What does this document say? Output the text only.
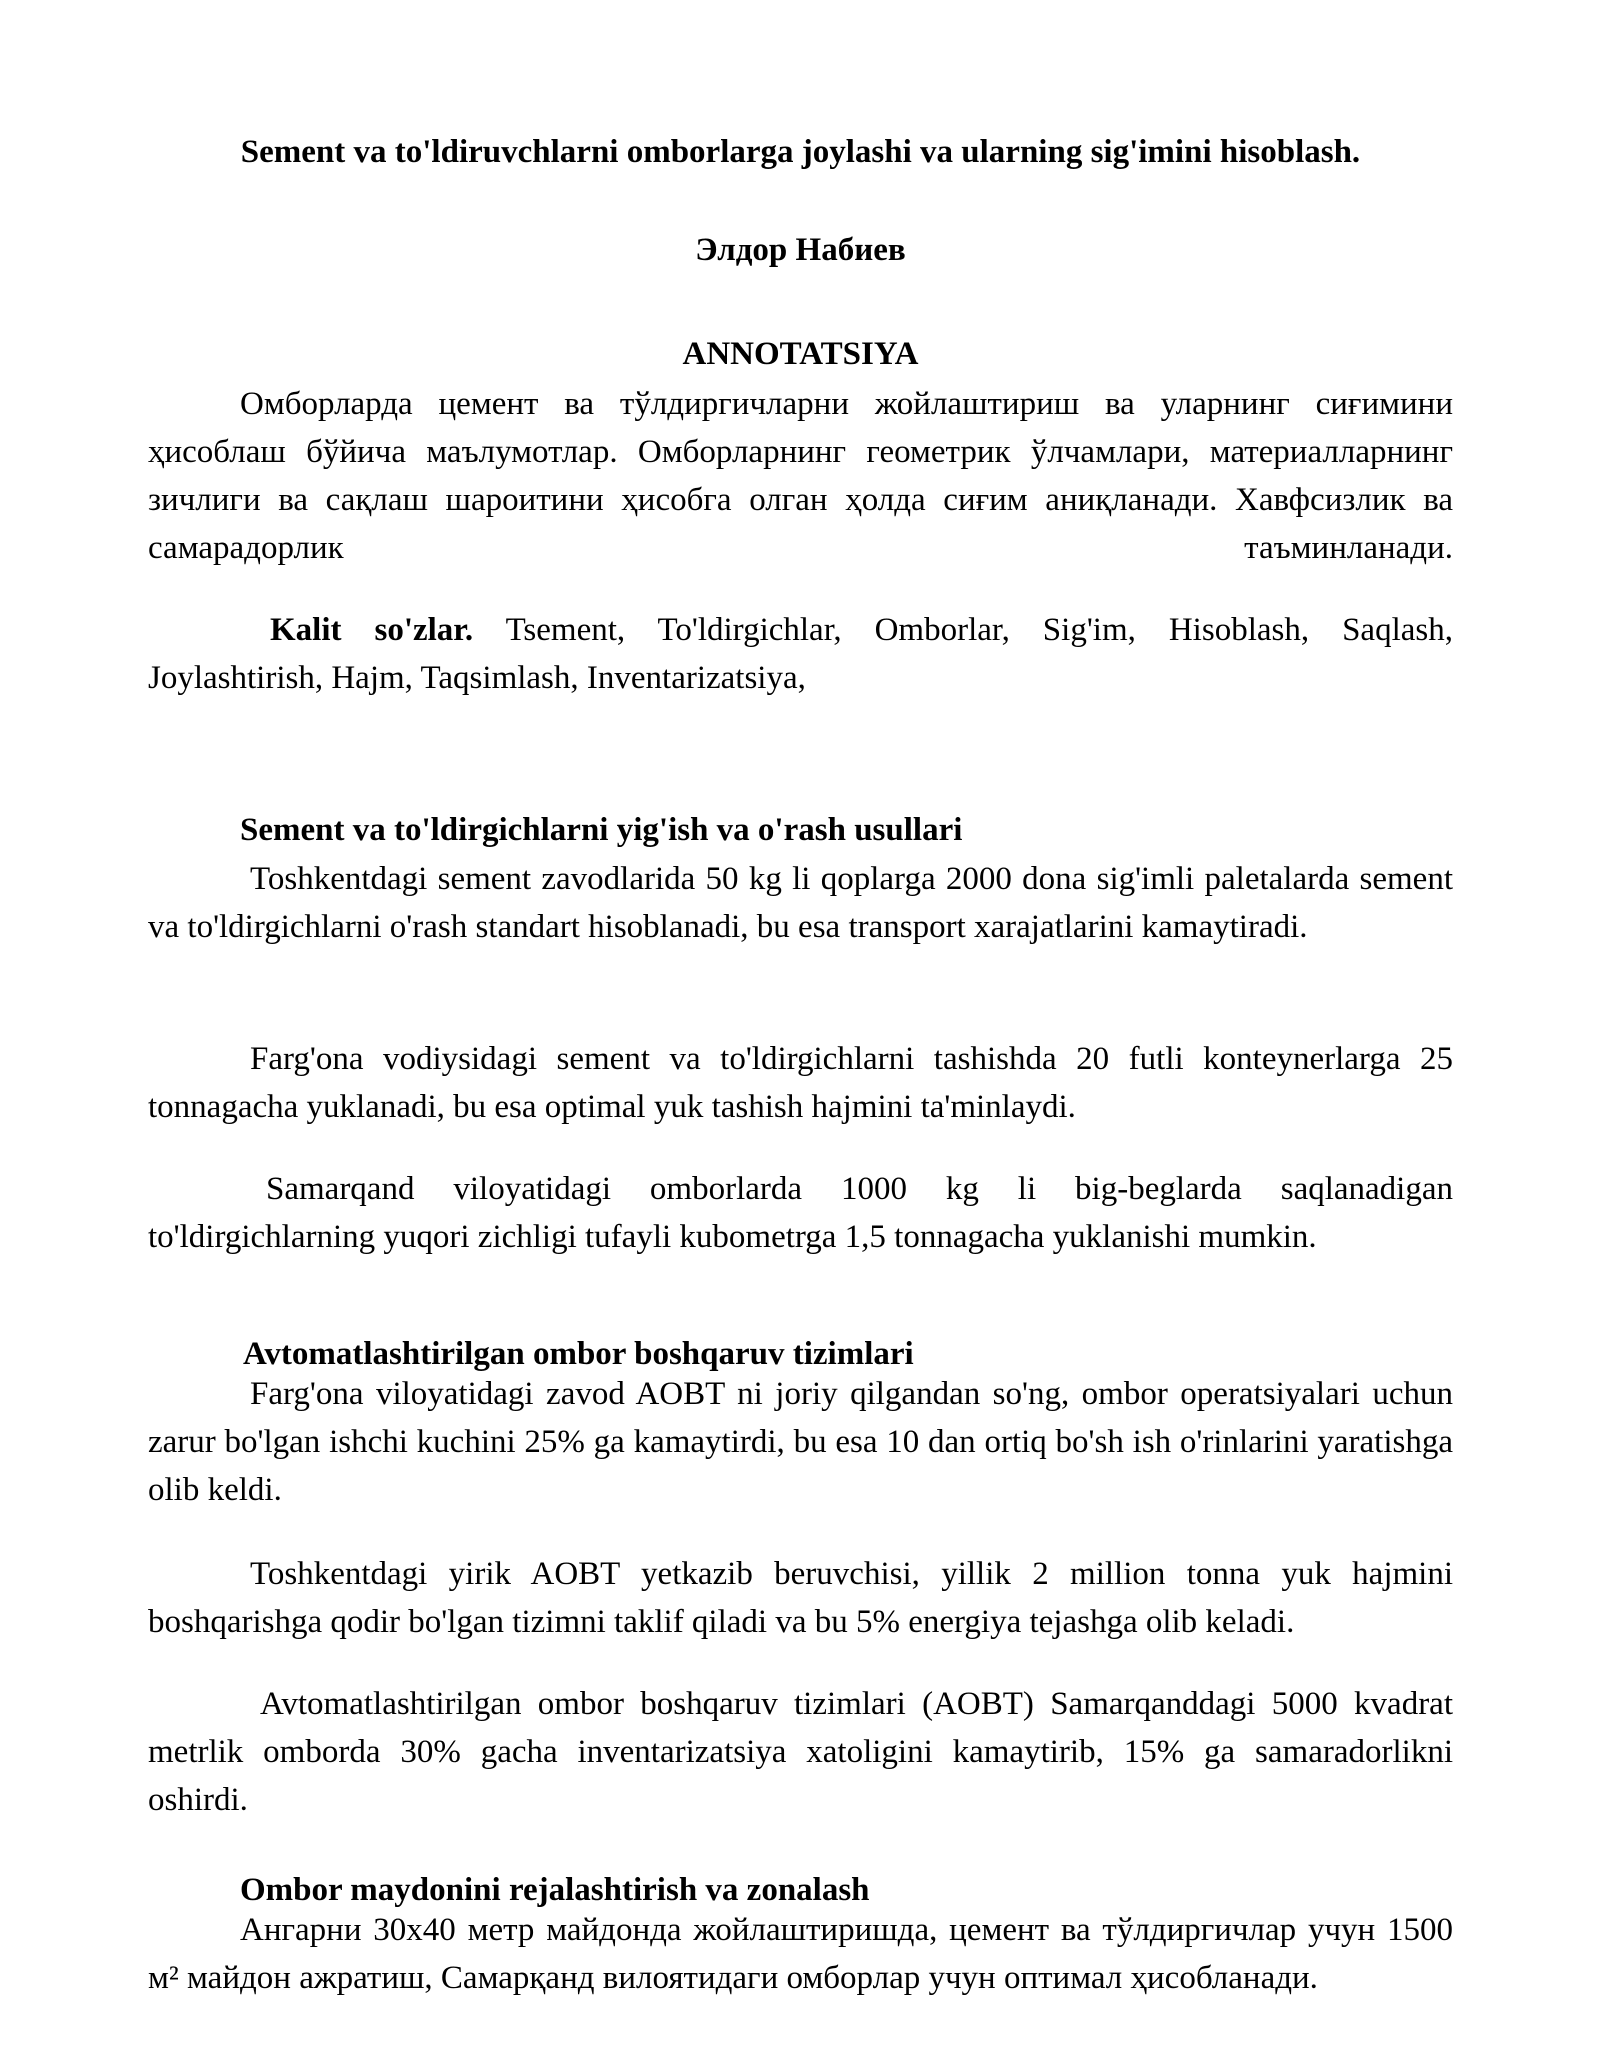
Sement va to'ldiruvchlarni omborlarga joylashi va ularning sig'imini hisoblash.

Элдор Набиев

ANNOTATSIYA

Омборларда цемент ва тўлдиргичларни жойлаштириш ва уларнинг сиғимини ҳисоблаш бўйича маълумотлар. Омборларнинг геометрик ўлчамлари, материалларнинг зичлиги ва сақлаш шароитини ҳисобга олган ҳолда сиғим аниқланади. Хавфсизлик ва самарадорлик таъминланади.

Kalit so'zlar. Tsement, To'ldirgichlar, Omborlar, Sig'im, Hisoblash, Saqlash, Joylashtirish, Hajm, Taqsimlash, Inventarizatsiya,

Sement va to'ldirgichlarni yig'ish va o'rash usullari

Toshkentdagi sement zavodlarida 50 kg li qoplarga 2000 dona sig'imli paletalarda sement va to'ldirgichlarni o'rash standart hisoblanadi, bu esa transport xarajatlarini kamaytiradi.

Farg'ona vodiysidagi sement va to'ldirgichlarni tashishda 20 futli konteynerlarga 25 tonnagacha yuklanadi, bu esa optimal yuk tashish hajmini ta'minlaydi.

Samarqand viloyatidagi omborlarda 1000 kg li big-beglarda saqlanadigan to'ldirgichlarning yuqori zichligi tufayli kubometrga 1,5 tonnagacha yuklanishi mumkin.

Avtomatlashtirilgan ombor boshqaruv tizimlari

Farg'ona viloyatidagi zavod AOBT ni joriy qilgandan so'ng, ombor operatsiyalari uchun zarur bo'lgan ishchi kuchini 25% ga kamaytirdi, bu esa 10 dan ortiq bo'sh ish o'rinlarini yaratishga olib keldi.

Toshkentdagi yirik AOBT yetkazib beruvchisi, yillik 2 million tonna yuk hajmini boshqarishga qodir bo'lgan tizimni taklif qiladi va bu 5% energiya tejashga olib keladi.

Avtomatlashtirilgan ombor boshqaruv tizimlari (AOBT) Samarqanddagi 5000 kvadrat metrlik omborda 30% gacha inventarizatsiya xatoligini kamaytirib, 15% ga samaradorlikni oshirdi.

Ombor maydonini rejalashtirish va zonalash

Ангарни 30x40 метр майдонда жойлаштиришда, цемент ва тўлдиргичлар учун 1500 м² майдон ажратиш, Самарқанд вилоятидаги омборлар учун оптимал ҳисобланади.
